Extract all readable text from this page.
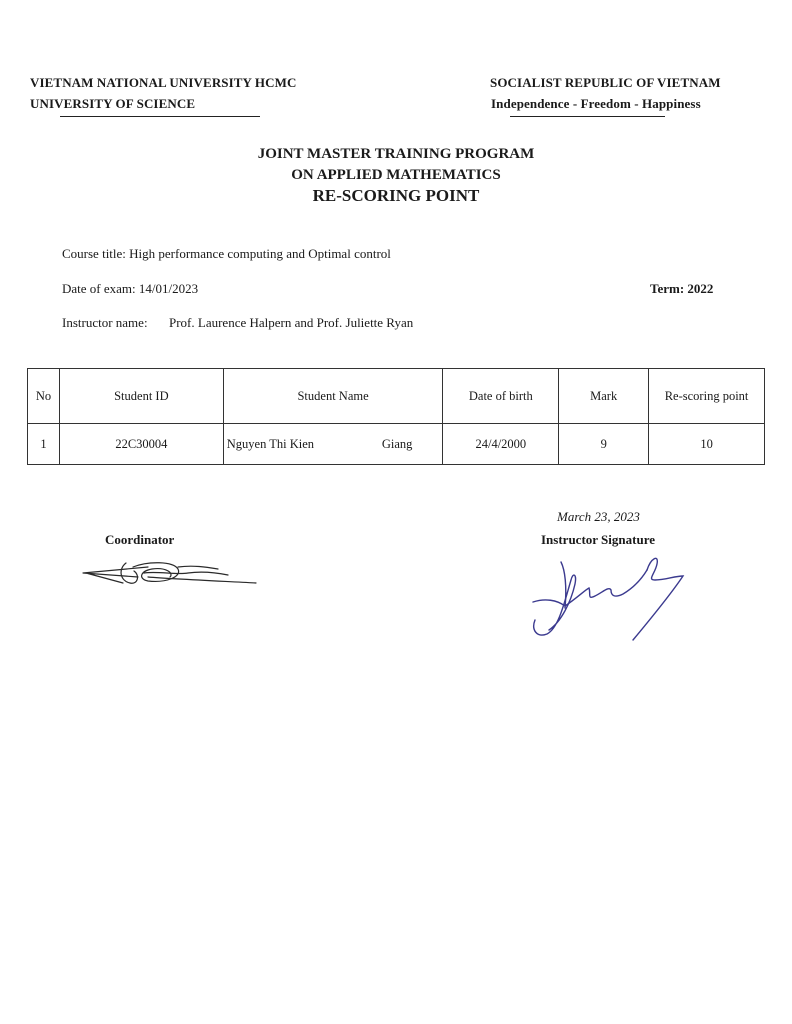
VIETNAM NATIONAL UNIVERSITY HCMC
UNIVERSITY OF SCIENCE
SOCIALIST REPUBLIC OF VIETNAM
Independence - Freedom - Happiness
JOINT MASTER TRAINING PROGRAM
ON APPLIED MATHEMATICS
RE-SCORING POINT
Course title: High performance computing and Optimal control
Date of exam: 14/01/2023	Term: 2022
Instructor name: Prof. Laurence Halpern and Prof. Juliette Ryan
No	Student ID	Student Name	Date of birth	Mark	Re-scoring point
1	22C30004	Nguyen Thi Kien Giang	24/4/2000	9	10
March 23, 2023
Coordinator	Instructor Signature
